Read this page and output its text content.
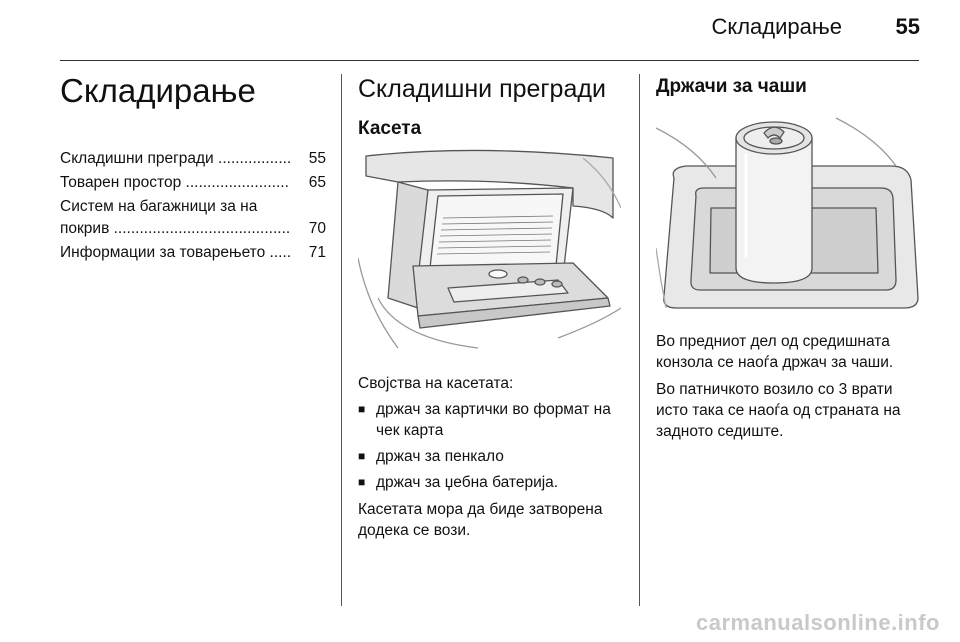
Складирање 55
Складирање
Складишни прегради .................	55
Товарен простор ........................	65
Систем на багажници за на покрив .........................................	70
Информации за товарењето .....	71
Складишни прегради
Касета

Својства на касетата:

■ држач за картички во формат на чек карта
■ држач за пенкало
■ држач за џебна батерија.

Касетата мора да биде затворена додека се вози.

Држачи за чаши

Во предниот дел од средишната конзола се наоѓа држач за чаши.

Во патничкото возило со 3 врати исто така се наоѓа од страната на задното седиште.

carmanualsonline.info
